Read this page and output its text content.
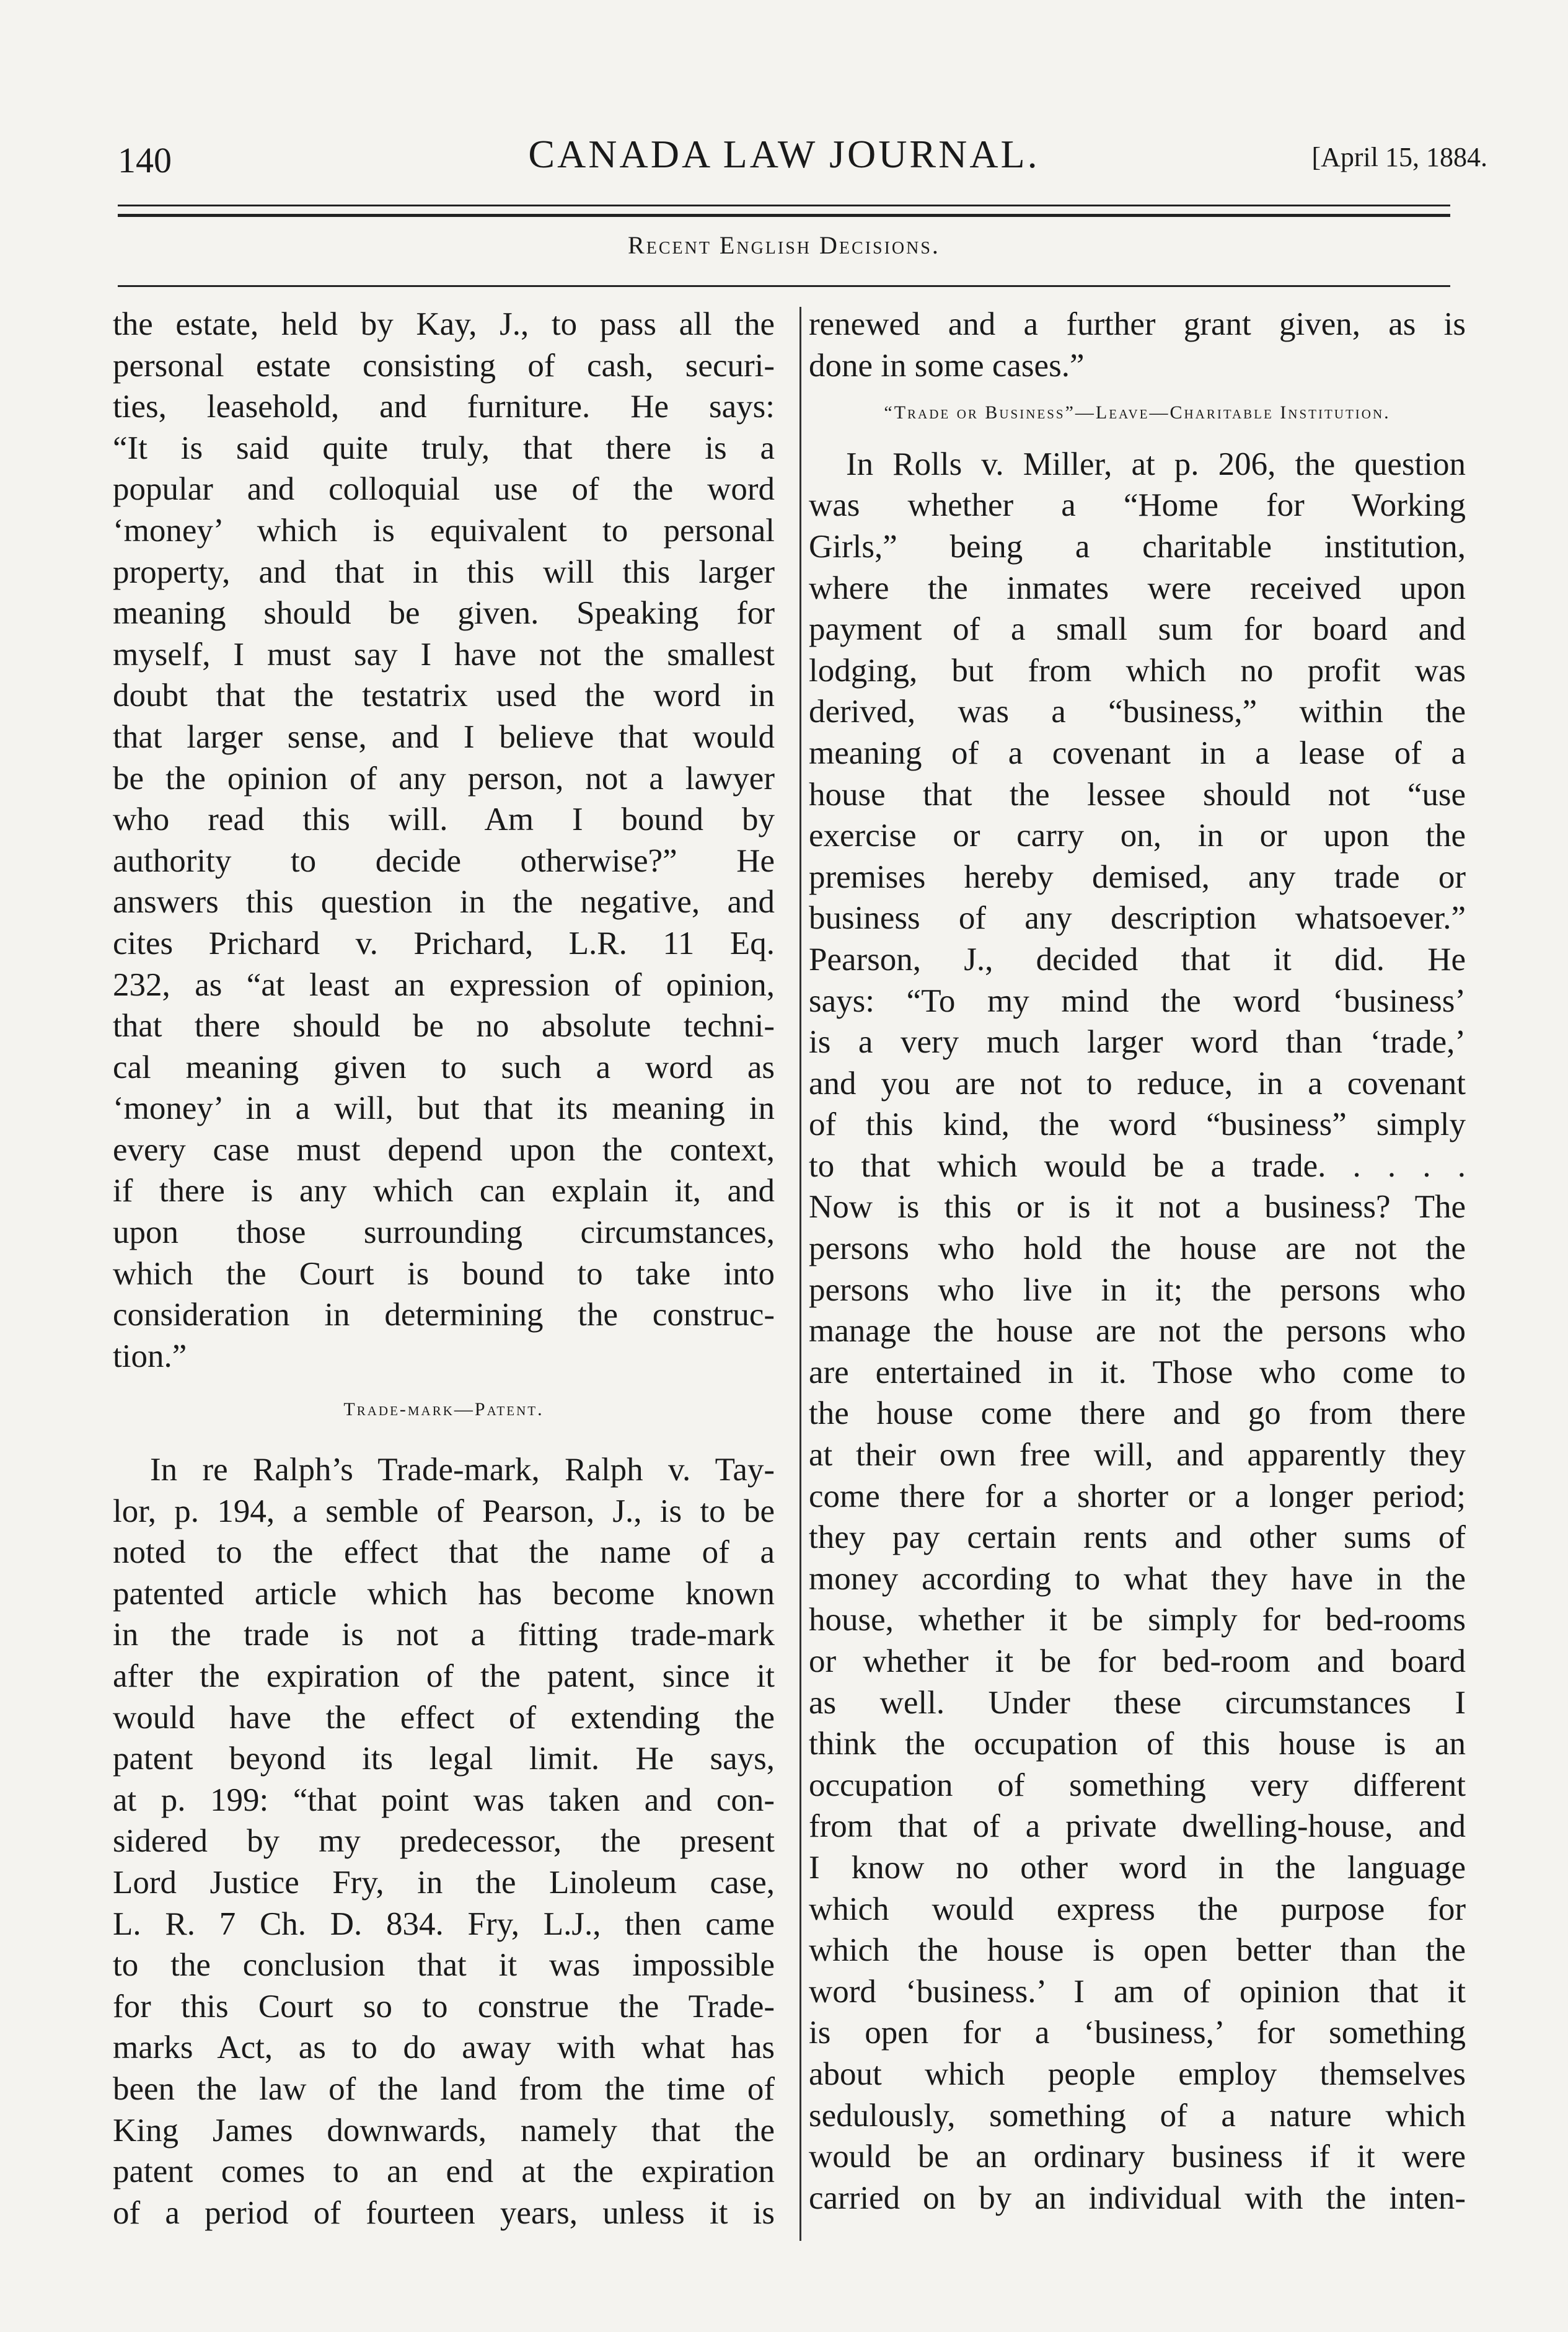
140	CANADA LAW JOURNAL.	[April 15, 1884.
Recent English Decisions.
the estate, held by Kay, J., to pass all the
personal estate consisting of cash, securi-
ties, leasehold, and furniture. He says:
“It is said quite truly, that there is a
popular and colloquial use of the word
‘money’ which is equivalent to personal
property, and that in this will this larger
meaning should be given. Speaking for
myself, I must say I have not the smallest
doubt that the testatrix used the word in
that larger sense, and I believe that would
be the opinion of any person, not a lawyer
who read this will. Am I bound by
authority to decide otherwise?” He
answers this question in the negative, and
cites Prichard v. Prichard, L.R. 11 Eq.
232, as “at least an expression of opinion,
that there should be no absolute techni-
cal meaning given to such a word as
‘money’ in a will, but that its meaning in
every case must depend upon the context,
if there is any which can explain it, and
upon those surrounding circumstances,
which the Court is bound to take into
consideration in determining the construc-
tion.”
Trade-mark—Patent.
In re Ralph’s Trade-mark, Ralph v. Tay-
lor, p. 194, a semble of Pearson, J., is to be
noted to the effect that the name of a
patented article which has become known
in the trade is not a fitting trade-mark
after the expiration of the patent, since it
would have the effect of extending the
patent beyond its legal limit. He says,
at p. 199: “that point was taken and con-
sidered by my predecessor, the present
Lord Justice Fry, in the Linoleum case,
L. R. 7 Ch. D. 834. Fry, L.J., then came
to the conclusion that it was impossible
for this Court so to construe the Trade-
marks Act, as to do away with what has
been the law of the land from the time of
King James downwards, namely that the
patent comes to an end at the expiration
of a period of fourteen years, unless it is
renewed and a further grant given, as is
done in some cases.”
“Trade or Business”—Leave—Charitable Institution.
In Rolls v. Miller, at p. 206, the question
was whether a “Home for Working
Girls,” being a charitable institution,
where the inmates were received upon
payment of a small sum for board and
lodging, but from which no profit was
derived, was a “business,” within the
meaning of a covenant in a lease of a
house that the lessee should not “use
exercise or carry on, in or upon the
premises hereby demised, any trade or
business of any description whatsoever.”
Pearson, J., decided that it did. He
says: “To my mind the word ‘business’
is a very much larger word than ‘trade,’
and you are not to reduce, in a covenant
of this kind, the word “business” simply
to that which would be a trade. . . . .
Now is this or is it not a business? The
persons who hold the house are not the
persons who live in it; the persons who
manage the house are not the persons who
are entertained in it. Those who come to
the house come there and go from there
at their own free will, and apparently they
come there for a shorter or a longer period;
they pay certain rents and other sums of
money according to what they have in the
house, whether it be simply for bed-rooms
or whether it be for bed-room and board
as well. Under these circumstances I
think the occupation of this house is an
occupation of something very different
from that of a private dwelling-house, and
I know no other word in the language
which would express the purpose for
which the house is open better than the
word ‘business.’ I am of opinion that it
is open for a ‘business,’ for something
about which people employ themselves
sedulously, something of a nature which
would be an ordinary business if it were
carried on by an individual with the inten-
